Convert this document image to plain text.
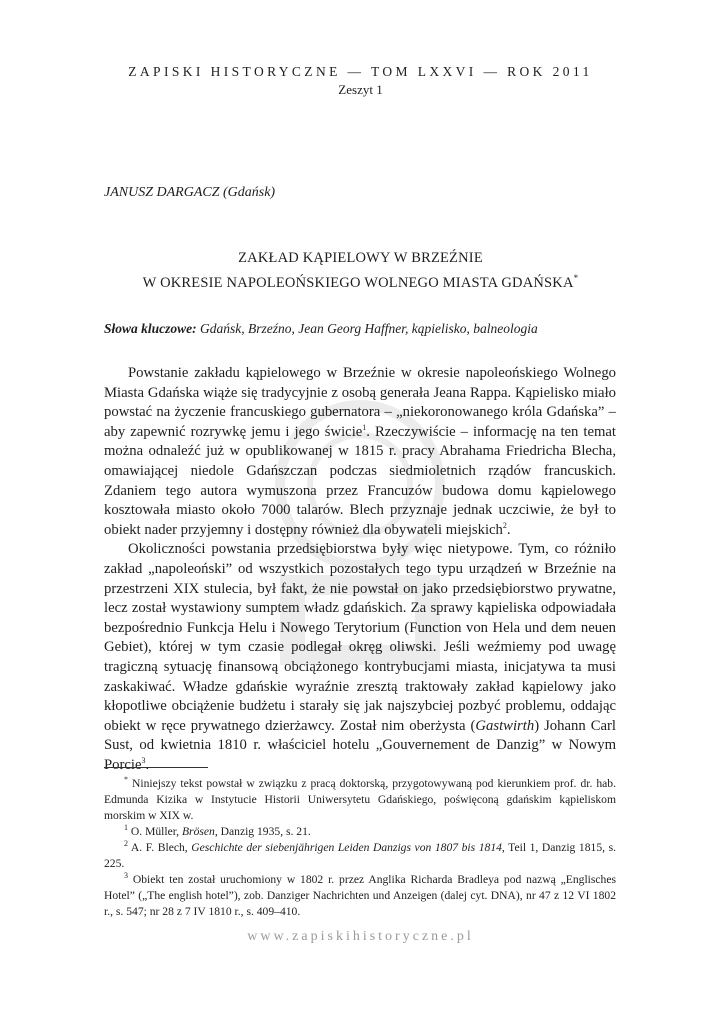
ZAPISKI HISTORYCZNE — TOM LXXVI — ROK 2011
Zeszyt 1
JANUSZ DARGACZ (Gdańsk)
ZAKŁAD KĄPIELOWY W BRZEŹNIE
W OKRESIE NAPOLEOŃSKIEGO WOLNEGO MIASTA GDAŃSKA*
Słowa kluczowe: Gdańsk, Brzeźno, Jean Georg Haffner, kąpielisko, balneologia

Powstanie zakładu kąpielowego w Brzeźnie w okresie napoleońskiego Wolnego Miasta Gdańska wiąże się tradycyjnie z osobą generała Jeana Rappa. Kąpielisko miało powstać na życzenie francuskiego gubernatora – „niekoronowanego króla Gdańska” – aby zapewnić rozrywkę jemu i jego świcie$^1$. Rzeczywiście – informację na ten temat można odnaleźć już w opublikowanej w 1815 r. pracy Abrahama Friedricha Blecha, omawiającej niedole Gdańszczan podczas siedmioletnich rządów francuskich. Zdaniem tego autora wymuszona przez Francuzów budowa domu kąpielowego kosztowała miasto około 7000 talarów. Blech przyznaje jednak uczciwie, że był to obiekt nader przyjemny i dostępny również dla obywateli miejskich$^2$.

Okoliczności powstania przedsiębiorstwa były więc nietypowe. Tym, co różniło zakład „napoleoński” od wszystkich pozostałych tego typu urządzeń w Brzeźnie na przestrzeni XIX stulecia, był fakt, że nie powstał on jako przedsiębiorstwo prywatne, lecz został wystawiony sumptem władz gdańskich. Za sprawy kąpieliska odpowiadała bezpośrednio Funkcja Helu i Nowego Terytorium (Function von Hela und dem neuen Gebiet), której w tym czasie podlegał okręg oliwski. Jeśli weźmiemy pod uwagę tragiczną sytuację finansową obciążonego kontrybucjami miasta, inicjatywa ta musi zaskakiwać. Władze gdańskie wyraźnie zresztą traktowały zakład kąpielowy jako kłopotliwe obciążenie budżetu i starały się jak najszybciej pozbyć problemu, oddając obiekt w ręce prywatnego dzierżawcy. Został nim oberżysta (Gastwirth) Johann Carl Sust, od kwietnia 1810 r. właściciel hotelu „Gouvernement de Danzig” w Nowym Porcie$^3$.

* Niniejszy tekst powstał w związku z pracą doktorską, przygotowywaną pod kierunkiem prof. dr. hab. Edmunda Kizika w Instytucie Historii Uniwersytetu Gdańskiego, poświęconą gdańskim kąpieliskom morskim w XIX w.

$^1$ O. Müller, Brösen, Danzig 1935, s. 21.

$^2$ A. F. Blech, Geschichte der siebenjährigen Leiden Danzigs von 1807 bis 1814, Teil 1, Danzig 1815, s. 225.

$^3$ Obiekt ten został uruchomiony w 1802 r. przez Anglika Richarda Bradleya pod nazwą „Englisches Hotel” („The english hotel”), zob. Danziger Nachrichten und Anzeigen (dalej cyt. DNA), nr 47 z 12 VI 1802 r., s. 547; nr 28 z 7 IV 1810 r., s. 409–410.

www.zapiskihistoryczne.pl
